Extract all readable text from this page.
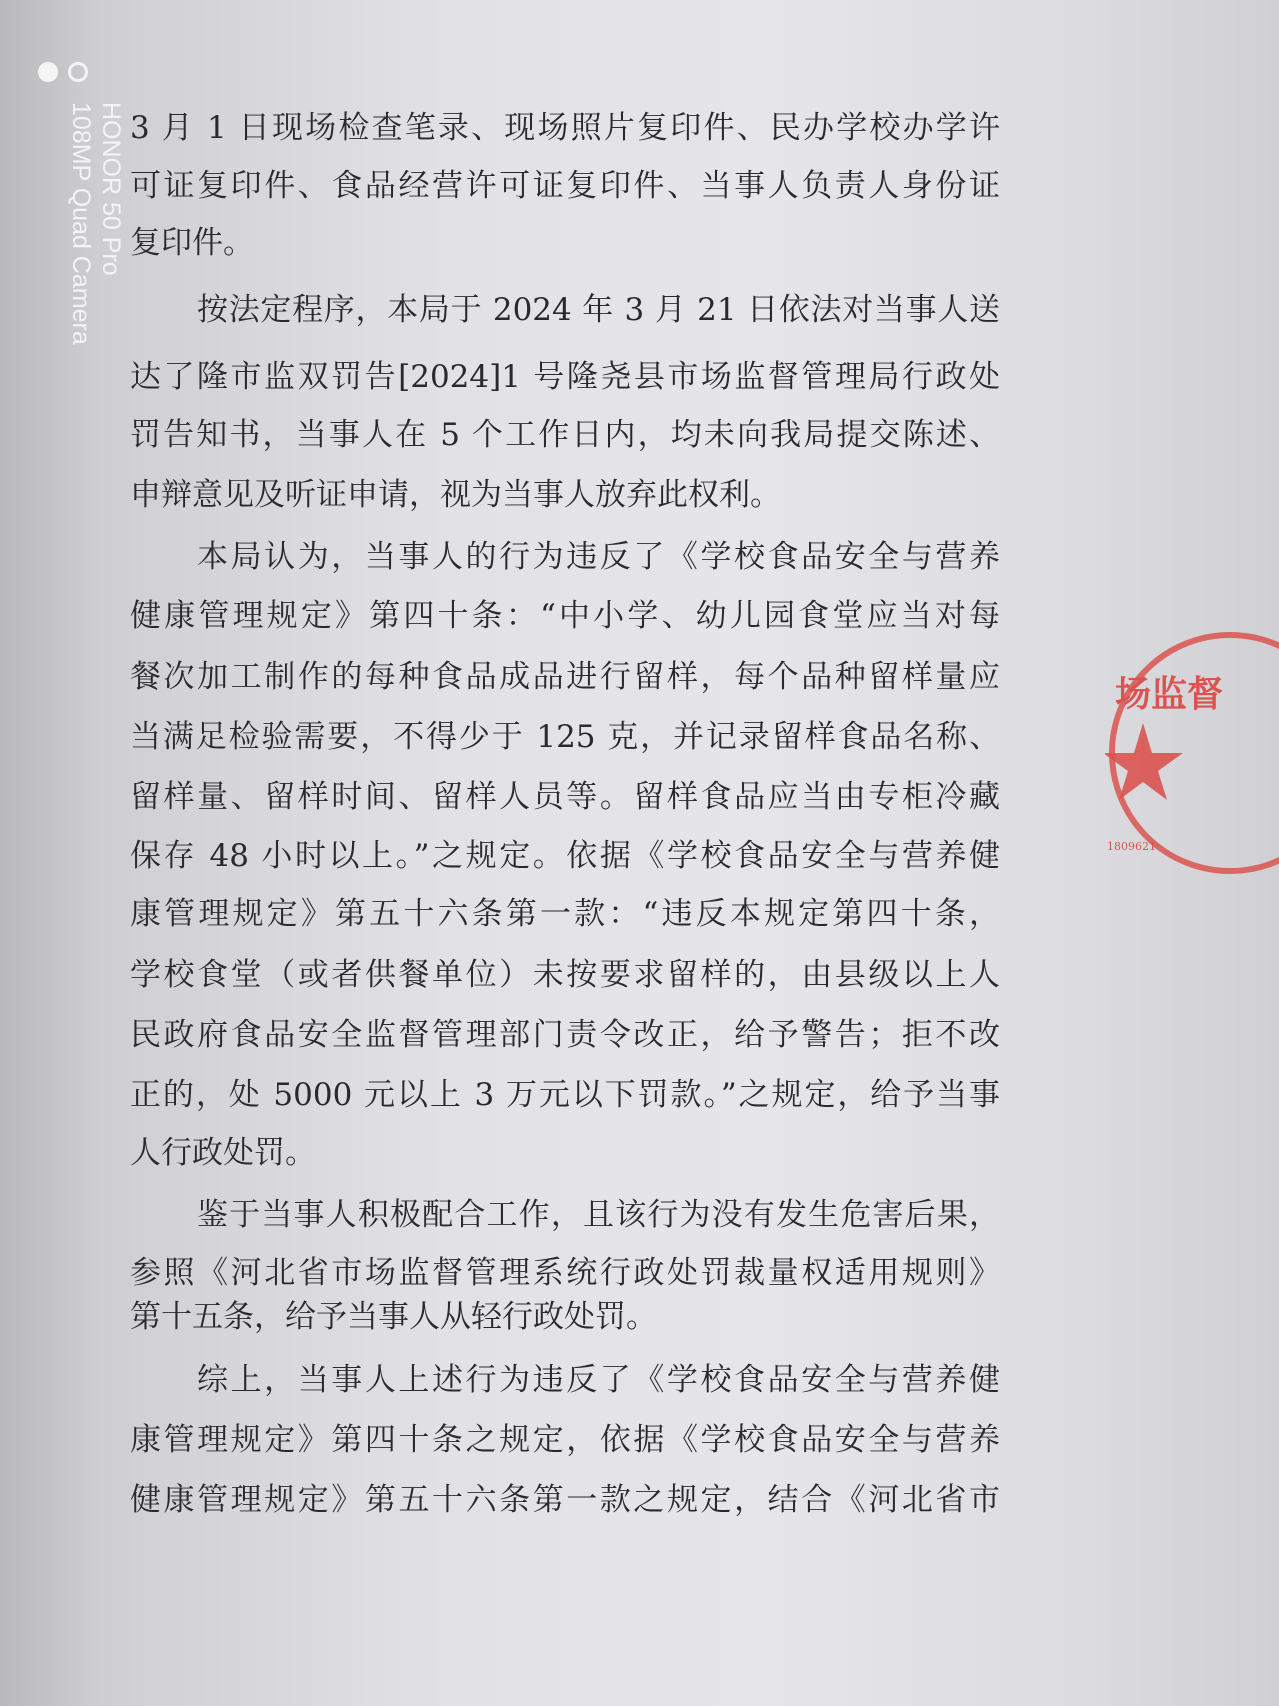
HONOR 50 Pro
108MP Quad Camera 3 月 1 日现场检查笔录、现场照片复印件、民办学校办学许
可证复印件、食品经营许可证复印件、当事人负责人身份证
复印件。
按法定程序，本局于 2024 年 3 月 21 日依法对当事人送
达了隆市监双罚告[2024]1 号隆尧县市场监督管理局行政处
罚告知书，当事人在 5 个工作日内，均未向我局提交陈述、
申辩意见及听证申请，视为当事人放弃此权利。
本局认为，当事人的行为违反了《学校食品安全与营养
健康管理规定》第四十条：“中小学、幼儿园食堂应当对每
餐次加工制作的每种食品成品进行留样，每个品种留样量应
当满足检验需要，不得少于 125 克，并记录留样食品名称、
留样量、留样时间、留样人员等。留样食品应当由专柜冷藏
保存 48 小时以上。”之规定。依据《学校食品安全与营养健
康管理规定》第五十六条第一款：“违反本规定第四十条，
学校食堂（或者供餐单位）未按要求留样的，由县级以上人
民政府食品安全监督管理部门责令改正，给予警告；拒不改
正的，处 5000 元以上 3 万元以下罚款。”之规定，给予当事
人行政处罚。
鉴于当事人积极配合工作，且该行为没有发生危害后果，
参照《河北省市场监督管理系统行政处罚裁量权适用规则》
第十五条，给予当事人从轻行政处罚。
综上，当事人上述行为违反了《学校食品安全与营养健
康管理规定》第四十条之规定，依据《学校食品安全与营养
健康管理规定》第五十六条第一款之规定，结合《河北省市
场监督
1809621
